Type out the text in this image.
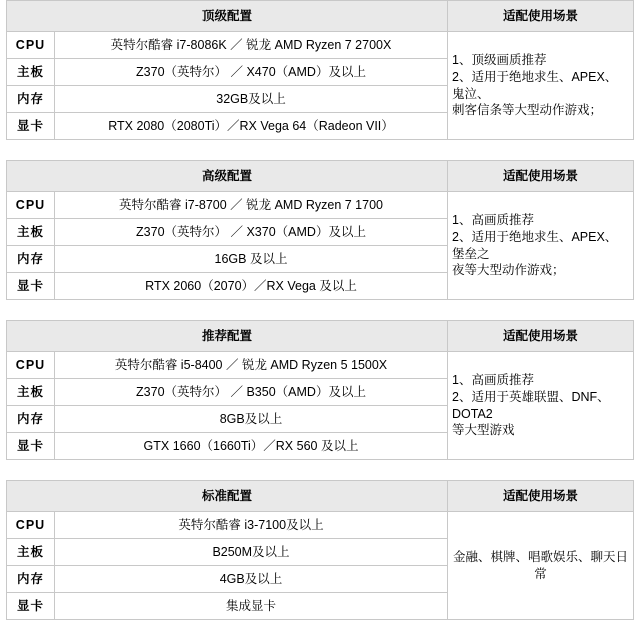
顶级配置		适配使用场景
CPU	英特尔酷睿 i7-8086K ／ 锐龙 AMD Ryzen 7 2700X	1、顶级画质推荐
2、适用于绝地求生、APEX、鬼泣、
刺客信条等大型动作游戏；

主板	Z370（英特尔） ／ X470（AMD）及以上	
内存	32GB及以上	
显卡	RTX 2080（2080Ti）／RX Vega 64（Radeon VII）	
高级配置		适配使用场景
CPU	英特尔酷睿 i7-8700 ／ 锐龙 AMD Ryzen 7 1700	1、高画质推荐
2、适用于绝地求生、APEX、堡垒之
夜等大型动作游戏；

主板	Z370（英特尔） ／ X370（AMD）及以上	
内存	16GB 及以上	
显卡	RTX 2060（2070）／RX Vega 及以上	
推荐配置		适配使用场景
CPU	英特尔酷睿 i5-8400 ／ 锐龙 AMD Ryzen 5 1500X	1、高画质推荐
2、适用于英雄联盟、DNF、DOTA2
等大型游戏

主板	Z370（英特尔） ／ B350（AMD）及以上	
内存	8GB及以上	
显卡	GTX 1660（1660Ti）／RX 560 及以上	
标准配置		适配使用场景
CPU	英特尔酷睿 i3-7100及以上	金融、棋牌、唱歌娱乐、聊天日常

主板	B250M及以上	
内存	4GB及以上	
显卡	集成显卡	
